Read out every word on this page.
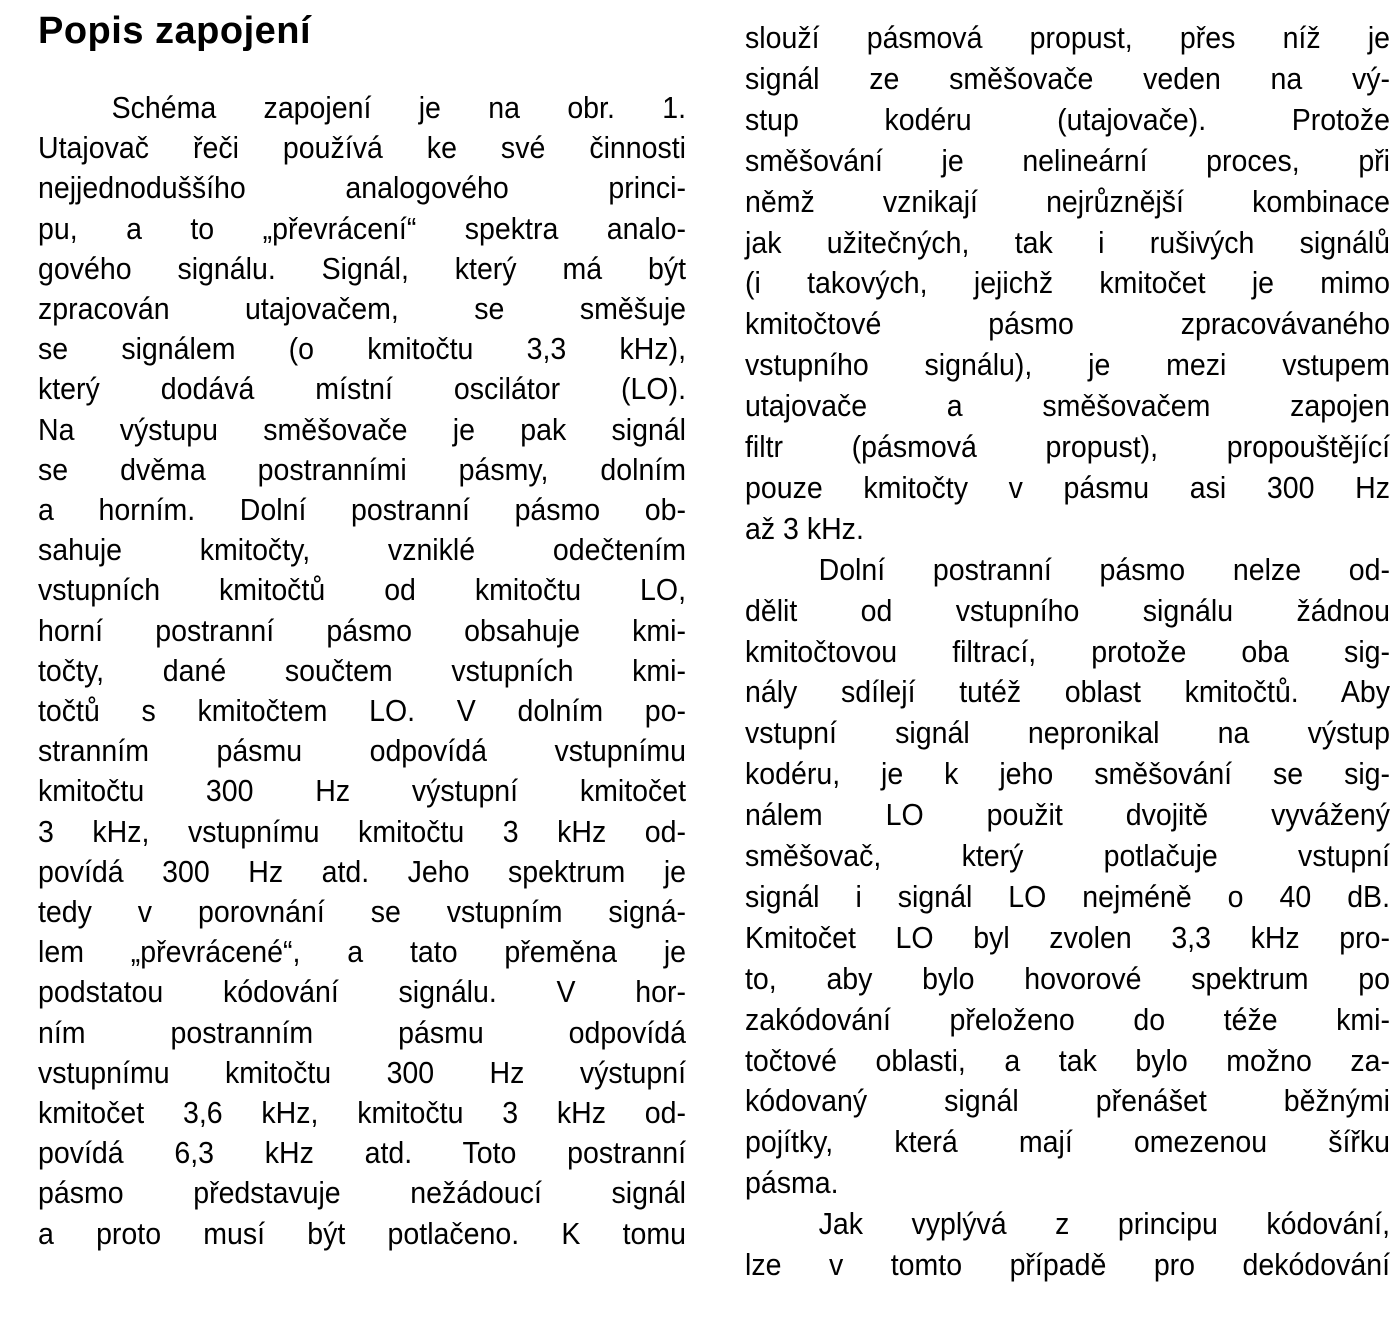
Popis zapojení
Schéma zapojení je na obr. 1.
Utajovač řeči používá ke své činnosti
nejjednoduššího analogového princi-
pu, a to „převrácení“ spektra analo-
gového signálu. Signál, který má být
zpracován utajovačem, se směšuje
se signálem (o kmitočtu 3,3 kHz),
který dodává místní oscilátor (LO).
Na výstupu směšovače je pak signál
se dvěma postranními pásmy, dolním
a horním. Dolní postranní pásmo ob-
sahuje kmitočty, vzniklé odečtením
vstupních kmitočtů od kmitočtu LO,
horní postranní pásmo obsahuje kmi-
točty, dané součtem vstupních kmi-
točtů s kmitočtem LO. V dolním po-
stranním pásmu odpovídá vstupnímu
kmitočtu 300 Hz výstupní kmitočet
3 kHz, vstupnímu kmitočtu 3 kHz od-
povídá 300 Hz atd. Jeho spektrum je
tedy v porovnání se vstupním signá-
lem „převrácené“, a tato přeměna je
podstatou kódování signálu. V hor-
ním postranním pásmu odpovídá
vstupnímu kmitočtu 300 Hz výstupní
kmitočet 3,6 kHz, kmitočtu 3 kHz od-
povídá 6,3 kHz atd. Toto postranní
pásmo představuje nežádoucí signál
a proto musí být potlačeno. K tomu
slouží pásmová propust, přes níž je
signál ze směšovače veden na vý-
stup kodéru (utajovače). Protože
směšování je nelineární proces, při
němž vznikají nejrůznější kombinace
jak užitečných, tak i rušivých signálů
(i takových, jejichž kmitočet je mimo
kmitočtové pásmo zpracovávaného
vstupního signálu), je mezi vstupem
utajovače a směšovačem zapojen
filtr (pásmová propust), propouštějící
pouze kmitočty v pásmu asi 300 Hz
až 3 kHz.
Dolní postranní pásmo nelze od-
dělit od vstupního signálu žádnou
kmitočtovou filtrací, protože oba sig-
nály sdílejí tutéž oblast kmitočtů. Aby
vstupní signál nepronikal na výstup
kodéru, je k jeho směšování se sig-
nálem LO použit dvojitě vyvážený
směšovač, který potlačuje vstupní
signál i signál LO nejméně o 40 dB.
Kmitočet LO byl zvolen 3,3 kHz pro-
to, aby bylo hovorové spektrum po
zakódování přeloženo do téže kmi-
točtové oblasti, a tak bylo možno za-
kódovaný signál přenášet běžnými
pojítky, která mají omezenou šířku
pásma.
Jak vyplývá z principu kódování,
lze v tomto případě pro dekódování
